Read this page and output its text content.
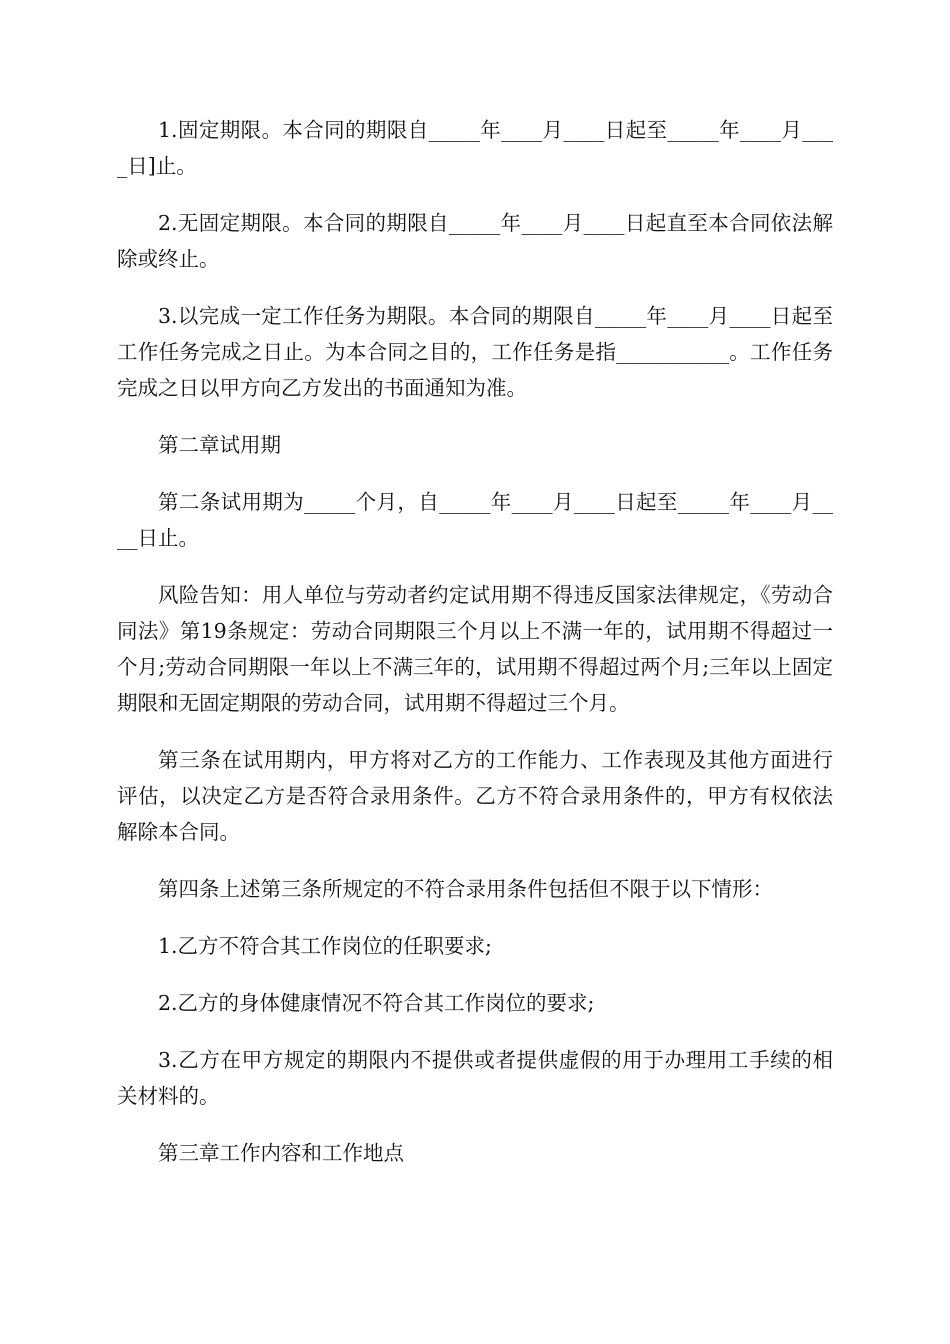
1.固定期限。本合同的期限自_____年____月____日起至_____年____月____日]止。

2.无固定期限。本合同的期限自_____年____月____日起直至本合同依法解除或终止。

3.以完成一定工作任务为期限。本合同的期限自_____年____月____日起至工作任务完成之日止。为本合同之目的，工作任务是指___________。工作任务完成之日以甲方向乙方发出的书面通知为准。

第二章试用期

第二条试用期为_____个月，自_____年____月____日起至_____年____月____日止。

风险告知：用人单位与劳动者约定试用期不得违反国家法律规定，《劳动合同法》第19条规定：劳动合同期限三个月以上不满一年的，试用期不得超过一个月;劳动合同期限一年以上不满三年的，试用期不得超过两个月;三年以上固定期限和无固定期限的劳动合同，试用期不得超过三个月。

第三条在试用期内，甲方将对乙方的工作能力、工作表现及其他方面进行评估，以决定乙方是否符合录用条件。乙方不符合录用条件的，甲方有权依法解除本合同。

第四条上述第三条所规定的不符合录用条件包括但不限于以下情形：

1.乙方不符合其工作岗位的任职要求;

2.乙方的身体健康情况不符合其工作岗位的要求;

3.乙方在甲方规定的期限内不提供或者提供虚假的用于办理用工手续的相关材料的。

第三章工作内容和工作地点
